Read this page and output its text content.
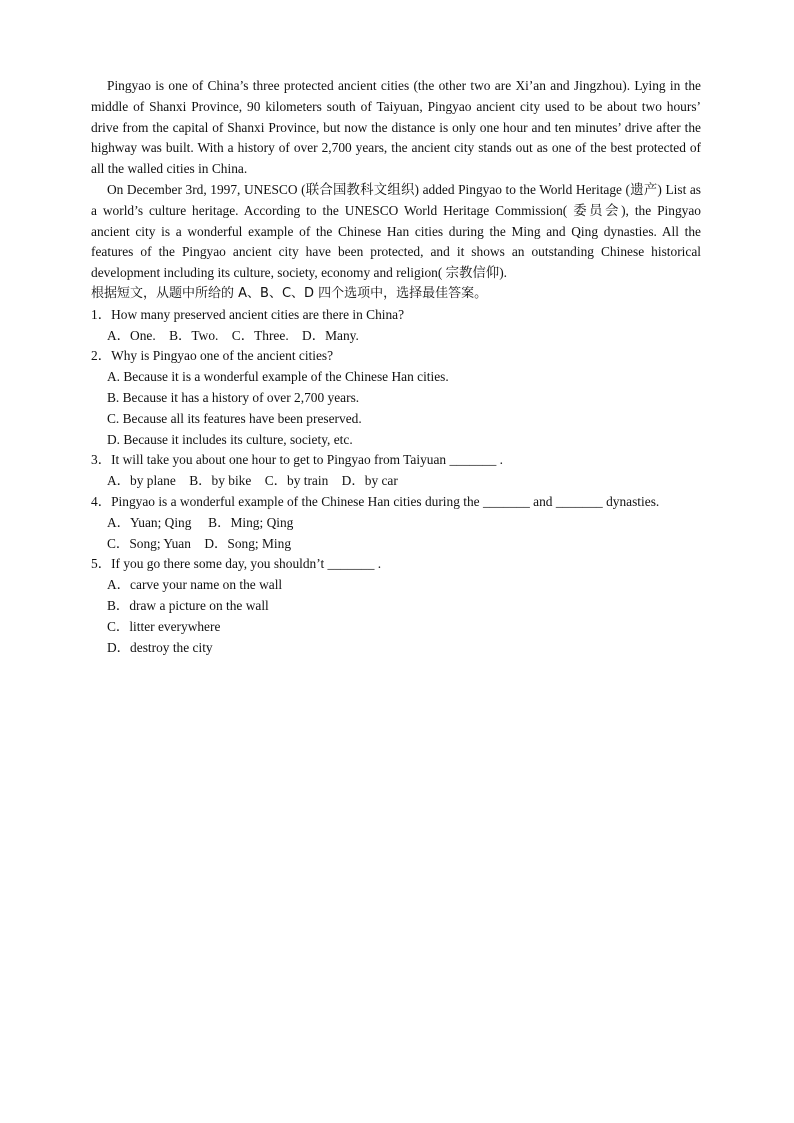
Pingyao is one of China’s three protected ancient cities (the other two are Xi’an and Jingzhou). Lying in the middle of Shanxi Province, 90 kilometers south of Taiyuan, Pingyao ancient city used to be about two hours’ drive from the capital of Shanxi Province, but now the distance is only one hour and ten minutes’ drive after the highway was built. With a history of over 2,700 years, the ancient city stands out as one of the best protected of all the walled cities in China.

On December 3rd, 1997, UNESCO (联合国教科文组织) added Pingyao to the World Heritage (遗产) List as a world’s culture heritage. According to the UNESCO World Heritage Commission( 委员会), the Pingyao ancient city is a wonderful example of the Chinese Han cities during the Ming and Qing dynasties. All the features of the Pingyao ancient city have been protected, and it shows an outstanding Chinese historical development including its culture, society, economy and religion( 宗教信仰).

根据短文，从题中所给的 A、B、C、D 四个选项中，选择最佳答案。

1．How many preserved ancient cities are there in China?

A．One.    B．Two.    C．Three.    D．Many.

2．Why is Pingyao one of the ancient cities?

A. Because it is a wonderful example of the Chinese Han cities.

B. Because it has a history of over 2,700 years.

C. Because all its features have been preserved.

D. Because it includes its culture, society, etc.

3．It will take you about one hour to get to Pingyao from Taiyuan _______ .

A．by plane    B．by bike    C．by train    D．by car

4．Pingyao is a wonderful example of the Chinese Han cities during the _______ and _______ dynasties.

A．Yuan; Qing     B．Ming; Qing

C．Song; Yuan    D．Song; Ming

5．If you go there some day, you shouldn’t _______ .

A．carve your name on the wall

B．draw a picture on the wall

C．litter everywhere

D．destroy the city
